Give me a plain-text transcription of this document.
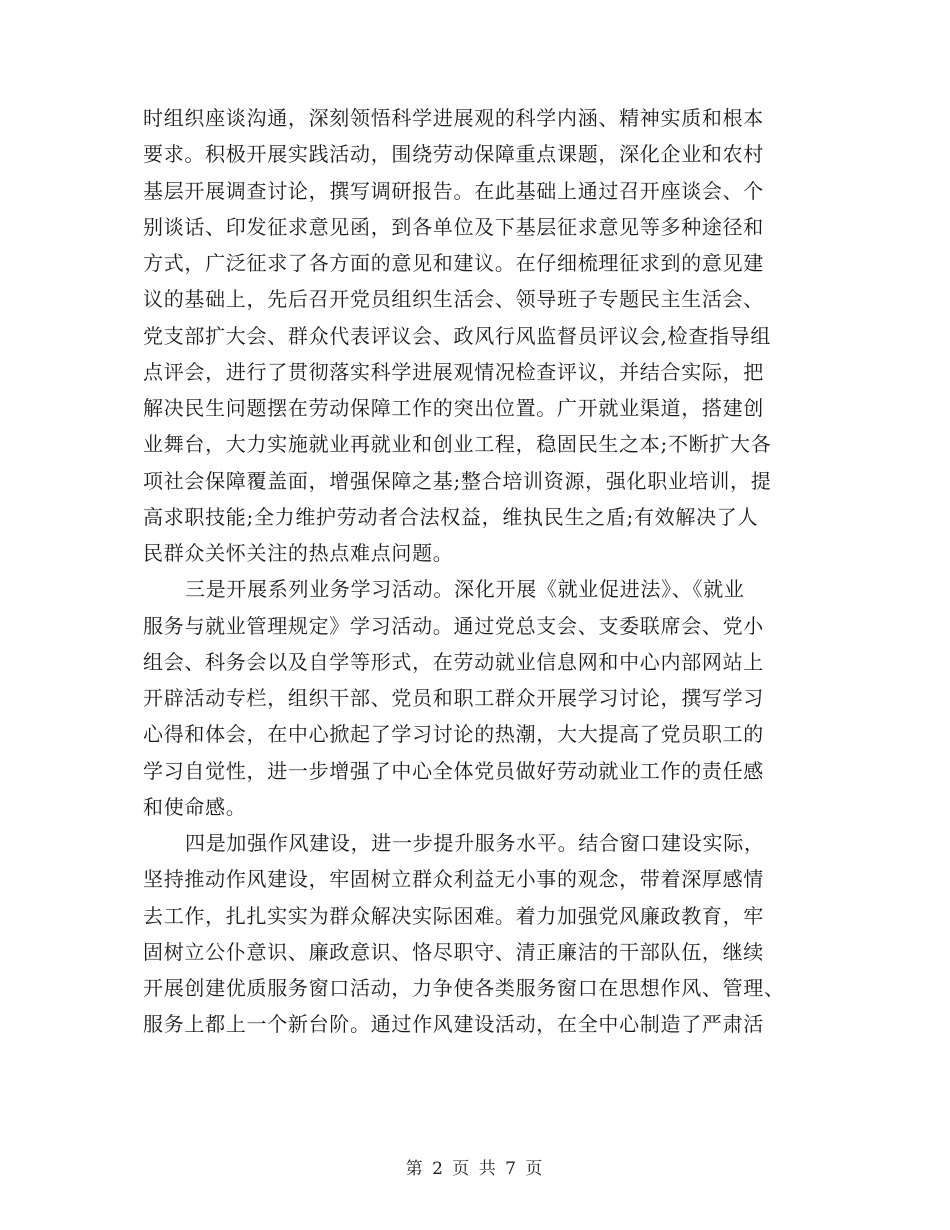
时组织座谈沟通，深刻领悟科学进展观的科学内涵、精神实质和根本
要求。积极开展实践活动，围绕劳动保障重点课题，深化企业和农村
基层开展调查讨论，撰写调研报告。在此基础上通过召开座谈会、个
别谈话、印发征求意见函，到各单位及下基层征求意见等多种途径和
方式，广泛征求了各方面的意见和建议。在仔细梳理征求到的意见建
议的基础上，先后召开党员组织生活会、领导班子专题民主生活会、
党支部扩大会、群众代表评议会、政风行风监督员评议会,检查指导组
点评会，进行了贯彻落实科学进展观情况检查评议，并结合实际，把
解决民生问题摆在劳动保障工作的突出位置。广开就业渠道，搭建创
业舞台，大力实施就业再就业和创业工程，稳固民生之本;不断扩大各
项社会保障覆盖面，增强保障之基;整合培训资源，强化职业培训，提
高求职技能;全力维护劳动者合法权益，维执民生之盾;有效解决了人
民群众关怀关注的热点难点问题。
三是开展系列业务学习活动。深化开展《就业促进法》、《就业
服务与就业管理规定》学习活动。通过党总支会、支委联席会、党小
组会、科务会以及自学等形式，在劳动就业信息网和中心内部网站上
开辟活动专栏，组织干部、党员和职工群众开展学习讨论，撰写学习
心得和体会，在中心掀起了学习讨论的热潮，大大提高了党员职工的
学习自觉性，进一步增强了中心全体党员做好劳动就业工作的责任感
和使命感。
四是加强作风建设，进一步提升服务水平。结合窗口建设实际，
坚持推动作风建设，牢固树立群众利益无小事的观念，带着深厚感情
去工作，扎扎实实为群众解决实际困难。着力加强党风廉政教育，牢
固树立公仆意识、廉政意识、恪尽职守、清正廉洁的干部队伍，继续
开展创建优质服务窗口活动，力争使各类服务窗口在思想作风、管理、
服务上都上一个新台阶。通过作风建设活动，在全中心制造了严肃活
第 2 页 共 7 页
